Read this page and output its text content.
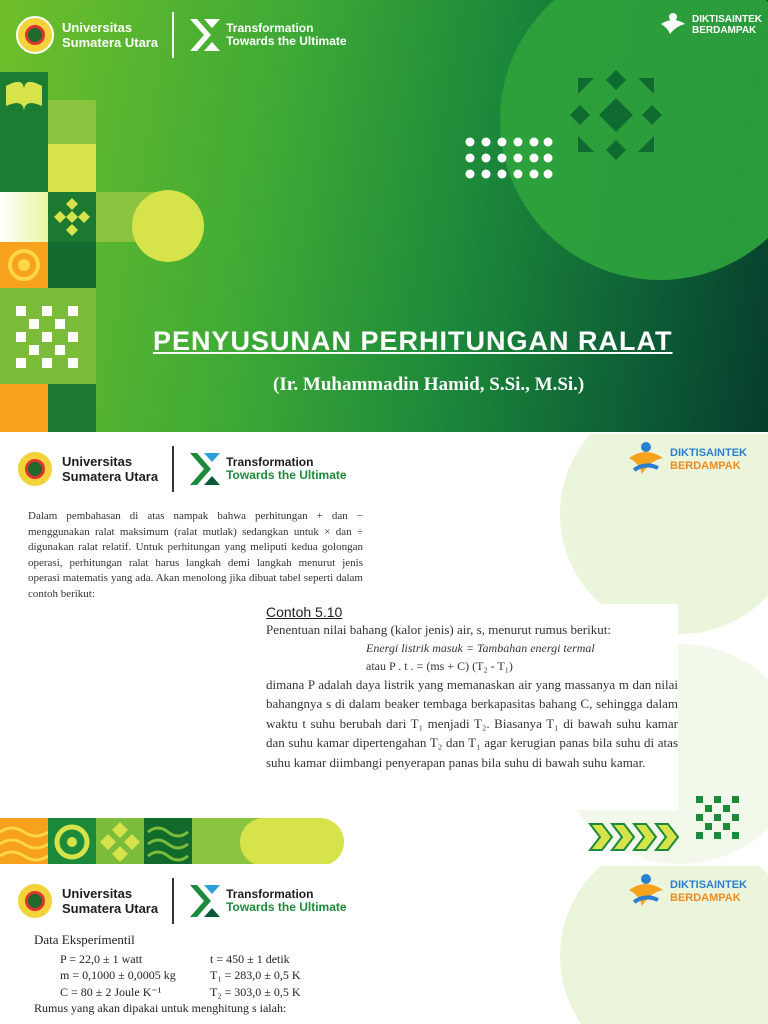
Universitas
Sumatera Utara
Transformation
Towards the Ultimate
DIKTISAINTEK
BERDAMPAK
PENYUSUNAN PERHITUNGAN RALAT
(Ir. Muhammadin Hamid, S.Si., M.Si.)
Universitas
Sumatera Utara
Transformation
Towards the Ultimate
DIKTISAINTEK
BERDAMPAK
Dalam pembahasan di atas nampak bahwa perhitungan + dan − menggunakan ralat maksimum (ralat mutlak) sedangkan untuk × dan ÷ digunakan ralat relatif. Untuk perhitungan yang meliputi kedua golongan operasi, perhitungan ralat harus langkah demi langkah menurut jenis operasi matematis yang ada. Akan menolong jika dibuat tabel seperti dalam contoh berikut:
Contoh 5.10

Penentuan nilai bahang (kalor jenis) air, s, menurut rumus berikut:

Energi listrik masuk = Tambahan energi termal

atau P . t . = (ms + C) (T₂ - T₁)

dimana P adalah daya listrik yang memanaskan air yang massanya m dan nilai bahangnya s di dalam beaker tembaga berkapasitas bahang C, sehingga dalam waktu t suhu berubah dari T₁ menjadi T₂. Biasanya T₁ di bawah suhu kamar dan suhu kamar dipertengahan T₂ dan T₁ agar kerugian panas bila suhu di atas suhu kamar diimbangi penyerapan panas bila suhu di bawah suhu kamar.

Universitas
Sumatera Utara
Transformation
Towards the Ultimate
DIKTISAINTEK
BERDAMPAK
Data Eksperimentil
P = 22,0 ± 1 watt	t = 450 ± 1 detik
m = 0,1000 ± 0,0005 kg	T₁ = 283,0 ± 0,5 K
C = 80 ± 2 Joule K⁻¹	T₂ = 303,0 ± 0,5 K
Rumus yang akan dipakai untuk menghitung s ialah:
